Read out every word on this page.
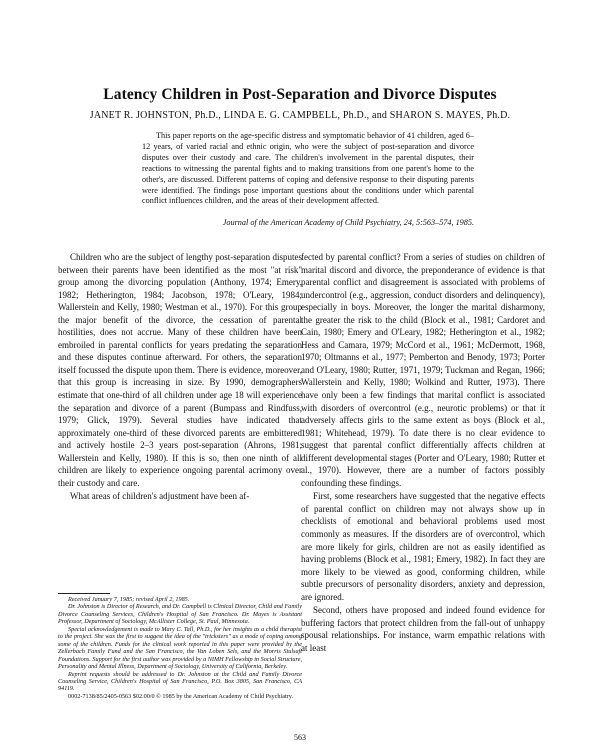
Latency Children in Post-Separation and Divorce Disputes
JANET R. JOHNSTON, Ph.D., LINDA E. G. CAMPBELL, Ph.D., and SHARON S. MAYES, Ph.D.
This paper reports on the age-specific distress and symptomatic behavior of 41 children, aged 6–12 years, of varied racial and ethnic origin, who were the subject of post-separation and divorce disputes over their custody and care. The children's involvement in the parental disputes, their reactions to witnessing the parental fights and to making transitions from one parent's home to the other's, are discussed. Different patterns of coping and defensive response to their disputing parents were identified. The findings pose important questions about the conditions under which parental conflict influences children, and the areas of their development affected.
Journal of the American Academy of Child Psychiatry, 24, 5:563–574, 1985.

Children who are the subject of lengthy post-separation disputes between their parents have been identified as the most "at risk" group among the divorcing population (Anthony, 1974; Emery, 1982; Hetherington, 1984; Jacobson, 1978; O'Leary, 1984; Wallerstein and Kelly, 1980; Westman et al., 1970). For this group the major benefit of the divorce, the cessation of parental hostilities, does not accrue. Many of these children have been embroiled in parental conflicts for years predating the separation and these disputes continue afterward. For others, the separation itself focussed the dispute upon them. There is evidence, moreover, that this group is increasing in size. By 1990, demographers estimate that one-third of all children under age 18 will experience the separation and divorce of a parent (Bumpass and Rindfuss, 1979; Glick, 1979). Several studies have indicated that approximately one-third of these divorced parents are embittered and actively hostile 2–3 years post-separation (Ahrons, 1981; Wallerstein and Kelly, 1980). If this is so, then one ninth of all children are likely to experience ongoing parental acrimony over their custody and care.

What areas of children's adjustment have been af-

Received January 7, 1985; revised April 2, 1985.

Dr. Johnston is Director of Research, and Dr. Campbell is Clinical Director, Child and Family Divorce Counseling Services, Children's Hospital of San Francisco. Dr. Mayes is Assistant Professor, Department of Sociology, McAllister College, St. Paul, Minnesota.

Special acknowledgement is made to Mary C. Tall, Ph.D., for her insights as a child therapist to the project. She was the first to suggest the idea of the "tricksters" as a mode of coping among some of the children. Funds for the clinical work reported in this paper were provided by the Zellerbach Family Fund and the San Francisco, the Van Loben Sels, and the Morris Stulsaft Foundations. Support for the first author was provided by a NIMH Fellowship in Social Structure, Personality and Mental Illness, Department of Sociology, University of California, Berkeley.

Reprint requests should be addressed to Dr. Johnston at the Child and Family Divorce Counseling Service, Children's Hospital of San Francisco, P.O. Box 3805, San Francisco, CA 94119.

0002-7138/85/2405-0563 $02.00/0 © 1985 by the American Academy of Child Psychiatry.

fected by parental conflict? From a series of studies on children of marital discord and divorce, the preponderance of evidence is that parental conflict and disagreement is associated with problems of undercontrol (e.g., aggression, conduct disorders and delinquency), especially in boys. Moreover, the longer the marital disharmony, the greater the risk to the child (Block et al., 1981; Cardoret and Cain, 1980; Emery and O'Leary, 1982; Hetherington et al., 1982; Hess and Camara, 1979; McCord et al., 1961; McDermott, 1968, 1970; Oltmanns et al., 1977; Pemberton and Benody, 1973; Porter and O'Leary, 1980; Rutter, 1971, 1979; Tuckman and Regan, 1966; Wallerstein and Kelly, 1980; Wolkind and Rutter, 1973). There have only been a few findings that marital conflict is associated with disorders of overcontrol (e.g., neurotic problems) or that it adversely affects girls to the same extent as boys (Block et al., 1981; Whitehead, 1979). To date there is no clear evidence to suggest that parental conflict differentially affects children at different developmental stages (Porter and O'Leary, 1980; Rutter et al., 1970). However, there are a number of factors possibly confounding these findings.

First, some researchers have suggested that the negative effects of parental conflict on children may not always show up in checklists of emotional and behavioral problems used most commonly as measures. If the disorders are of overcontrol, which are more likely for girls, children are not as easily identified as having problems (Block et al., 1981; Emery, 1982). In fact they are more likely to be viewed as good, conforming children, while subtle precursors of personality disorders, anxiety and depression, are ignored.

Second, others have proposed and indeed found evidence for buffering factors that protect children from the fall-out of unhappy spousal relationships. For instance, warm empathic relations with at least

563
